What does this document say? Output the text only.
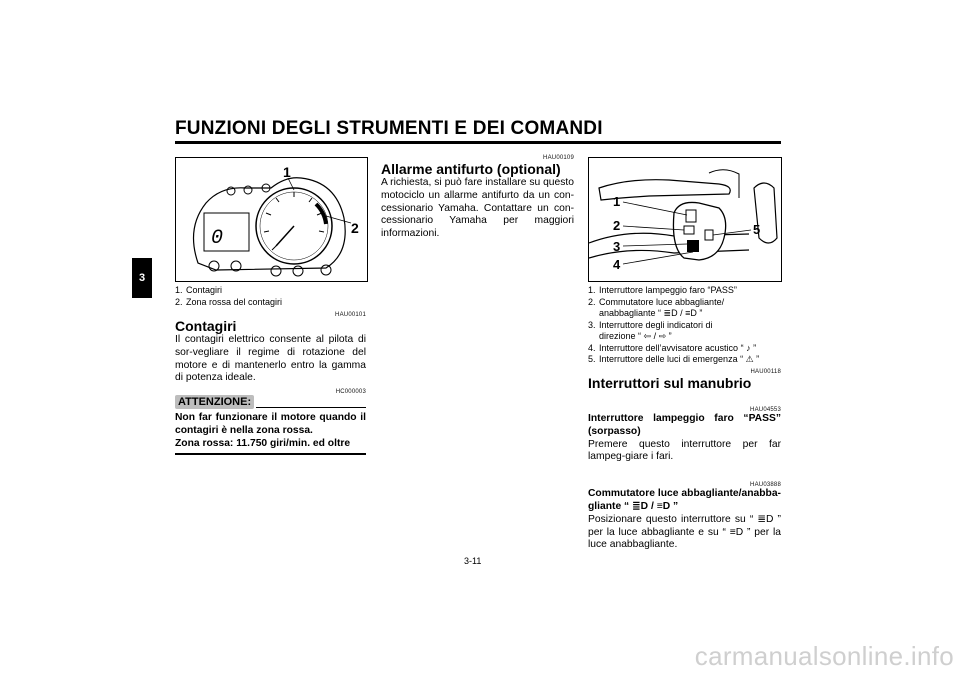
FUNZIONI DEGLI STRUMENTI E DEI COMANDI
3
0
1
2
1. Contagiri
2. Zona rossa del contagiri
HAU00101
Contagiri

Il contagiri elettrico consente al pilota di sor-vegliare il regime di rotazione del motore e di mantenerlo entro la gamma di potenza ideale.

HC000003
ATTENZIONE:

Non far funzionare il motore quando il contagiri è nella zona rossa.

Zona rossa: 11.750 giri/min. ed oltre

HAU00109
Allarme antifurto (optional)

A richiesta, si può fare installare su questo motociclo un allarme antifurto da un con-cessionario Yamaha. Contattare un con-cessionario Yamaha per maggiori informazioni.

1
2
3
4
5
1. Interruttore lampeggio faro “PASS”
2. Commutatore luce abbagliante/
anabbagliante “ ≣D / ≡D ”
3. Interruttore degli indicatori di
direzione “ ⇦ / ⇨ ”
4. Interruttore dell’avvisatore acustico “ ♪ ”
5. Interruttore delle luci di emergenza “ ⚠ ”
HAU00118
Interruttori sul manubrio
HAU04553

Interruttore lampeggio faro “PASS” (sorpasso)

Premere questo interruttore per far lampeg-giare i fari.

HAU03888

Commutatore luce abbagliante/anabba-gliante “ ≣D / ≡D ”

Posizionare questo interruttore su “ ≣D ” per la luce abbagliante e su “ ≡D ” per la luce anabbagliante.

3-11
carmanualsonline.info
